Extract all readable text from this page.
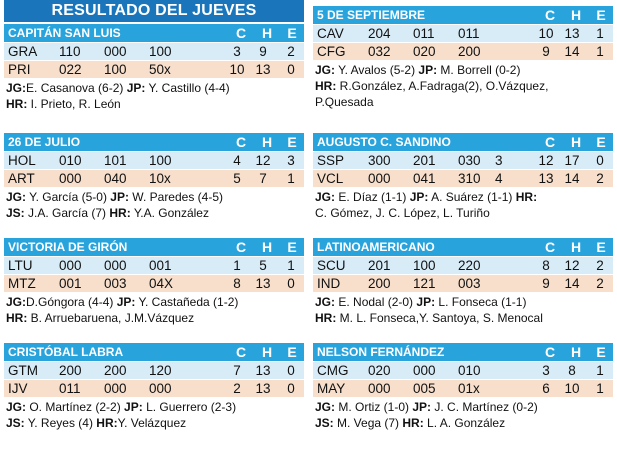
RESULTADO DEL JUEVES
CAPITÁN SAN LUIS	C H E
GRA 110 000 100	3	9	2
PRI 022 100 50x	10 13	0
JG:E. Casanova (6-2) JP: Y. Castillo (4-4)
HR: I. Prieto, R. León
26 DE JULIO	C H E
HOL 010 101 100	4	12	3
ART 000 040 10x	5	7	1
JG: Y. García (5-0) JP: W. Paredes (4-5)
JS: J.A. García (7) HR: Y.A. González
VICTORIA DE GIRÓN	C H E
LTU 000 000 001	1	5	1
MTZ 001 003 04X	8	13	0
JG:D.Góngora (4-4) JP: Y. Castañeda (1-2)
HR: B. Arruebaruena, J.M.Vázquez
CRISTÓBAL LABRA	C H E
GTM 200 200 120	7	13	0
IJV 011 000 000	2	13	0
JG: O. Martínez (2-2) JP: L. Guerrero (2-3)
JS: Y. Reyes (4) HR:Y. Velázquez
5 DE SEPTIEMBRE	C H E
CAV 204 011 011	10 13	1
CFG 032 020 200	9	14	1
JG: Y. Avalos (5-2) JP: M. Borrell (0-2)
HR: R.González, A.Fadraga(2), O.Vázquez,
P.Quesada
AUGUSTO C. SANDINO	C H E
SSP 300 201 030 3	12 17	0
VCL 000 041 310 4	13 14	2
JG: E. Díaz (1-1) JP: A. Suárez (1-1) HR:
C. Gómez, J. C. López, L. Turiño
LATINOAMERICANO	C H E
SCU 201 100 220	8	12	2
IND 200 121 003	9	14	2
JG: E. Nodal (2-0) JP: L. Fonseca (1-1)
HR: M. L. Fonseca,Y. Santoya, S. Menocal
NELSON FERNÁNDEZ	C H E
CMG 020 000 010	3	8	1
MAY 000 005 01x	6	10	1
JG: M. Ortiz (1-0) JP: J. C. Martínez (0-2)
JS: M. Vega (7) HR: L. A. González
